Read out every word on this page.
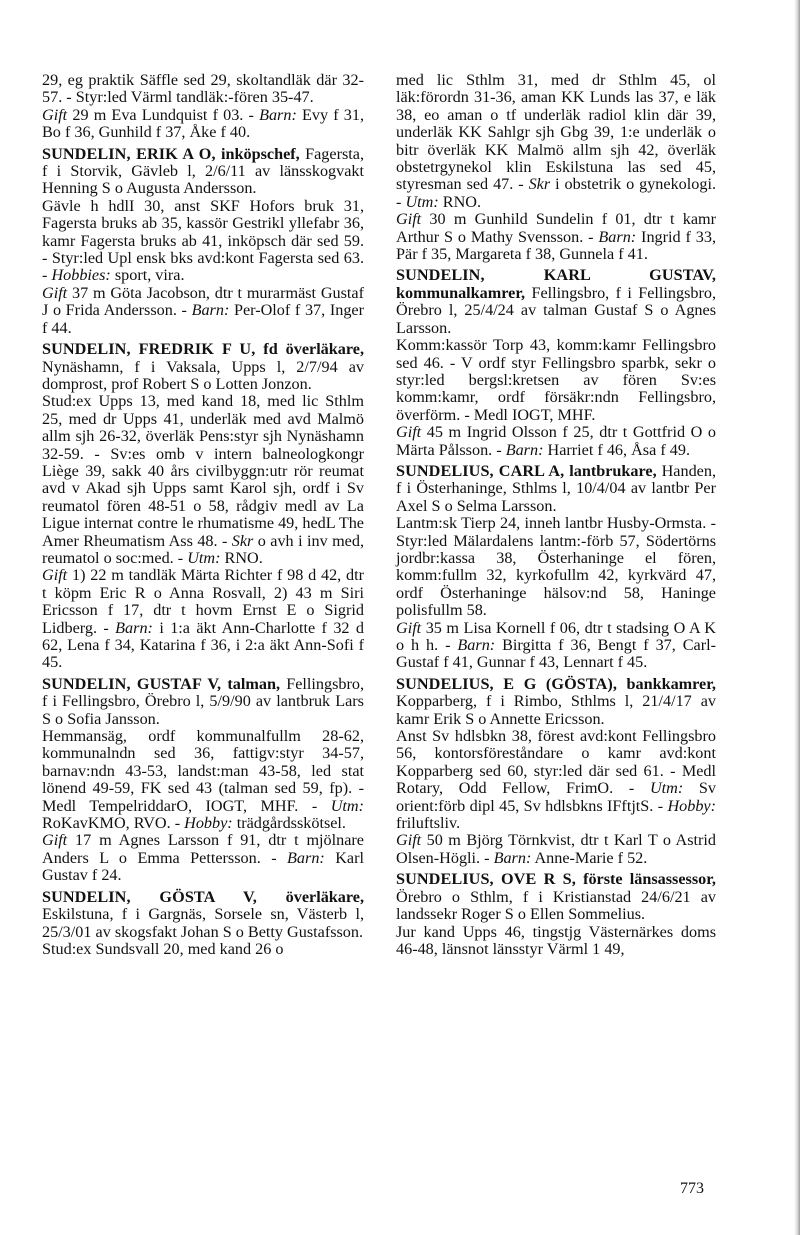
29, eg praktik Säffle sed 29, skoltandläk där 32-57. - Styr:led Värml tandläk:-fören 35-47.

Gift 29 m Eva Lundquist f 03. - Barn: Evy f 31, Bo f 36, Gunhild f 37, Åke f 40.

SUNDELIN, ERIK A O, inköpschef, Fagersta, f i Storvik, Gävleb l, 2/6/11 av länsskogvakt Henning S o Augusta Andersson.

Gävle h hdlI 30, anst SKF Hofors bruk 31, Fagersta bruks ab 35, kassör Gestrikl yllefabr 36, kamr Fagersta bruks ab 41, inköpsch där sed 59. - Styr:led Upl ensk bks avd:kont Fagersta sed 63. - Hobbies: sport, vira.

Gift 37 m Göta Jacobson, dtr t murarmäst Gustaf J o Frida Andersson. - Barn: Per-Olof f 37, Inger f 44.

SUNDELIN, FREDRIK F U, fd överläkare, Nynäshamn, f i Vaksala, Upps l, 2/7/94 av domprost, prof Robert S o Lotten Jonzon.

Stud:ex Upps 13, med kand 18, med lic Sthlm 25, med dr Upps 41, underläk med avd Malmö allm sjh 26-32, överläk Pens:styr sjh Nynäshamn 32-59. - Sv:es omb v intern balneologkongr Liège 39, sakk 40 års civilbyggn:utr rör reumat avd v Akad sjh Upps samt Karol sjh, ordf i Sv reumatol fören 48-51 o 58, rådgiv medl av La Ligue internat contre le rhumatisme 49, hedL The Amer Rheumatism Ass 48. - Skr o avh i inv med, reumatol o soc:med. - Utm: RNO.

Gift 1) 22 m tandläk Märta Richter f 98 d 42, dtr t köpm Eric R o Anna Rosvall, 2) 43 m Siri Ericsson f 17, dtr t hovm Ernst E o Sigrid Lidberg. - Barn: i 1:a äkt Ann-Charlotte f 32 d 62, Lena f 34, Katarina f 36, i 2:a äkt Ann-Sofi f 45.

SUNDELIN, GUSTAF V, talman, Fellingsbro, f i Fellingsbro, Örebro l, 5/9/90 av lantbruk Lars S o Sofia Jansson.

Hemmansäg, ordf kommunalfullm 28-62, kommunalndn sed 36, fattigv:styr 34-57, barnav:ndn 43-53, landst:man 43-58, led stat lönend 49-59, FK sed 43 (talman sed 59, fp). - Medl TempelriddarO, IOGT, MHF. - Utm: RoKavKMO, RVO. - Hobby: trädgårdsskötsel.

Gift 17 m Agnes Larsson f 91, dtr t mjölnare Anders L o Emma Pettersson. - Barn: Karl Gustav f 24.

SUNDELIN, GÖSTA V, överläkare, Eskilstuna, f i Gargnäs, Sorsele sn, Västerb l, 25/3/01 av skogsfakt Johan S o Betty Gustafsson.

Stud:ex Sundsvall 20, med kand 26 o

med lic Sthlm 31, med dr Sthlm 45, ol läk:förordn 31-36, aman KK Lunds las 37, e läk 38, eo aman o tf underläk radiol klin där 39, underläk KK Sahlgr sjh Gbg 39, 1:e underläk o bitr överläk KK Malmö allm sjh 42, överläk obstetrgynekol klin Eskilstuna las sed 45, styresman sed 47. - Skr i obstetrik o gynekologi. - Utm: RNO.

Gift 30 m Gunhild Sundelin f 01, dtr t kamr Arthur S o Mathy Svensson. - Barn: Ingrid f 33, Pär f 35, Margareta f 38, Gunnela f 41.

SUNDELIN, KARL GUSTAV, kommunalkamrer, Fellingsbro, f i Fellingsbro, Örebro l, 25/4/24 av talman Gustaf S o Agnes Larsson.

Komm:kassör Torp 43, komm:kamr Fellingsbro sed 46. - V ordf styr Fellingsbro sparbk, sekr o styr:led bergsl:kretsen av fören Sv:es komm:kamr, ordf försäkr:ndn Fellingsbro, överförm. - Medl IOGT, MHF.

Gift 45 m Ingrid Olsson f 25, dtr t Gottfrid O o Märta Pålsson. - Barn: Harriet f 46, Åsa f 49.

SUNDELIUS, CARL A, lantbrukare, Handen, f i Österhaninge, Sthlms l, 10/4/04 av lantbr Per Axel S o Selma Larsson.

Lantm:sk Tierp 24, inneh lantbr Husby-Ormsta. - Styr:led Mälardalens lantm:-förb 57, Södertörns jordbr:kassa 38, Österhaninge el fören, komm:fullm 32, kyrkofullm 42, kyrkvärd 47, ordf Österhaninge hälsov:nd 58, Haninge polisfullm 58.

Gift 35 m Lisa Kornell f 06, dtr t stadsing O A K o h h. - Barn: Birgitta f 36, Bengt f 37, Carl-Gustaf f 41, Gunnar f 43, Lennart f 45.

SUNDELIUS, E G (GÖSTA), bankkamrer, Kopparberg, f i Rimbo, Sthlms l, 21/4/17 av kamr Erik S o Annette Ericsson.

Anst Sv hdlsbkn 38, förest avd:kont Fellingsbro 56, kontorsföreståndare o kamr avd:kont Kopparberg sed 60, styr:led där sed 61. - Medl Rotary, Odd Fellow, FrimO. - Utm: Sv orient:förb dipl 45, Sv hdlsbkns IFftjtS. - Hobby: friluftsliv.

Gift 50 m Björg Törnkvist, dtr t Karl T o Astrid Olsen-Högli. - Barn: Anne-Marie f 52.

SUNDELIUS, OVE R S, förste länsassessor, Örebro o Sthlm, f i Kristianstad 24/6/21 av landssekr Roger S o Ellen Sommelius.

Jur kand Upps 46, tingstjg Västernärkes doms 46-48, länsnot länsstyr Värml 1 49,

773
